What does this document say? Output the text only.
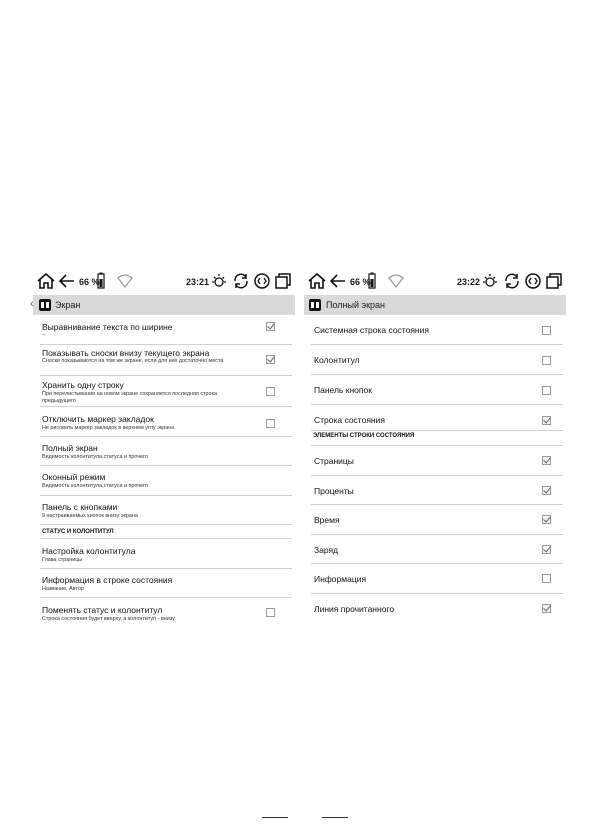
66 %	23:21
‹ Экран
Выравнивание текста по ширине
--
Показывать сноски внизу текущего экрана
Сноски показываются на том же экране, если для них достаточно места
Хранить одну строку
При перелистывании на новом экране сохраняется последняя строка предыдущего
Отключить маркер закладок
Не рисовать маркер закладок в верхнем углу экрана
Полный экран
Видимость колонтитула,статуса и прочего
Оконный режим
Видимость колонтитула,статуса и прочего
Панель с кнопками
9 настраиваемых кнопок внизу экрана
СТАТУС И КОЛОНТИТУЛ
Настройка колонтитула
Глава страницы
Информация в строке состояния
Название, Автор
Поменять статус и колонтитул
Строка состояния будет вверху, а колонтитул - внизу
66 %	23:22
Полный экран
Системная строка состояния
Колонтитул
Панель кнопок
Строка состояния
ЭЛЕМЕНТЫ СТРОКИ СОСТОЯНИЯ
Страницы
Проценты
Время
Заряд
Информация
Линия прочитанного
